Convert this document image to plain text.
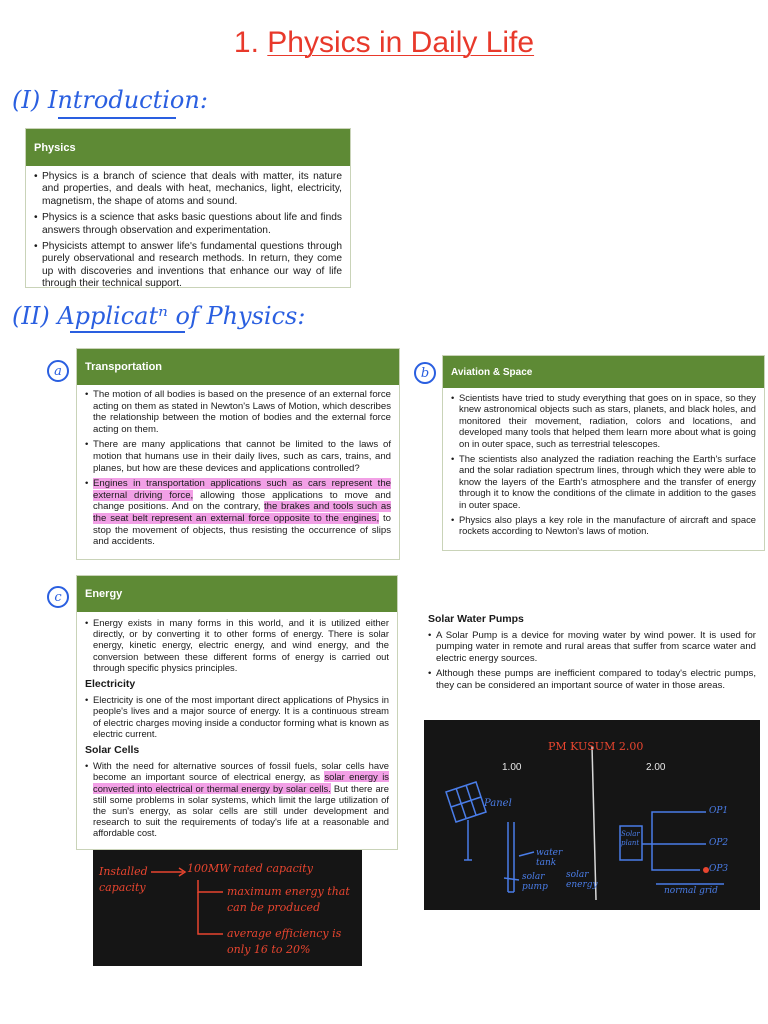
1. Physics in Daily Life
(I) Introduction:
Physics
• Physics is a branch of science that deals with matter, its nature and properties, and deals with heat, mechanics, light, electricity, magnetism, the shape of atoms and sound.
• Physics is a science that asks basic questions about life and finds answers through observation and experimentation.
• Physicists attempt to answer life's fundamental questions through purely observational and research methods. In return, they come up with discoveries and inventions that enhance our way of life through their technical support.
(II) Applicatⁿ of Physics:
a	Transportation
• The motion of all bodies is based on the presence of an external force acting on them as stated in Newton's Laws of Motion, which describes the relationship between the motion of bodies and the external force acting on them.
• There are many applications that cannot be limited to the laws of motion that humans use in their daily lives, such as cars, trains, and planes, but how are these devices and applications controlled?
• Engines in transportation applications such as cars represent the external driving force, allowing those applications to move and change positions. And on the contrary, the brakes and tools such as the seat belt represent an external force opposite to the engines, to stop the movement of objects, thus resisting the occurrence of slips and accidents.
b	Aviation & Space
• Scientists have tried to study everything that goes on in space, so they knew astronomical objects such as stars, planets, and black holes, and monitored their movement, radiation, colors and locations, and developed many tools that helped them learn more about what is going on in outer space, such as terrestrial telescopes.
• The scientists also analyzed the radiation reaching the Earth's surface and the solar radiation spectrum lines, through which they were able to know the layers of the Earth's atmosphere and the transfer of energy through it to know the conditions of the climate in addition to the gases in outer space.
• Physics also plays a key role in the manufacture of aircraft and space rockets according to Newton's laws of motion.
c	Energy
• Energy exists in many forms in this world, and it is utilized either directly, or by converting it to other forms of energy. There is solar energy, kinetic energy, electric energy, and wind energy, and the conversion between these different forms of energy is carried out through specific physics principles.
Electricity
• Electricity is one of the most important direct applications of Physics in people's lives and a major source of energy. It is a continuous stream of electric charges moving inside a conductor forming what is known as electric current.
Solar Cells
• With the need for alternative sources of fossil fuels, solar cells have become an important source of electrical energy, as solar energy is converted into electrical or thermal energy by solar cells. But there are still some problems in solar systems, which limit the large utilization of the sun's energy, as solar cells are still under development and research to suit the requirements of today's life at a reasonable and affordable cost.
Solar Water Pumps
• A Solar Pump is a device for moving water by wind power. It is used for pumping water in remote and rural areas that suffer from scarce water and electric energy sources.
• Although these pumps are inefficient compared to today's electric pumps, they can be considered an important source of water in those areas.
Installed capacity
100MW rated capacity
maximum energy that can be produced
average efficiency is only 16 to 20%
PM KUSUM 2.00
1.00	2.00
Panel
water tank
solar pump
solar energy
Solar plant
OP1
OP2
OP3
normal grid
